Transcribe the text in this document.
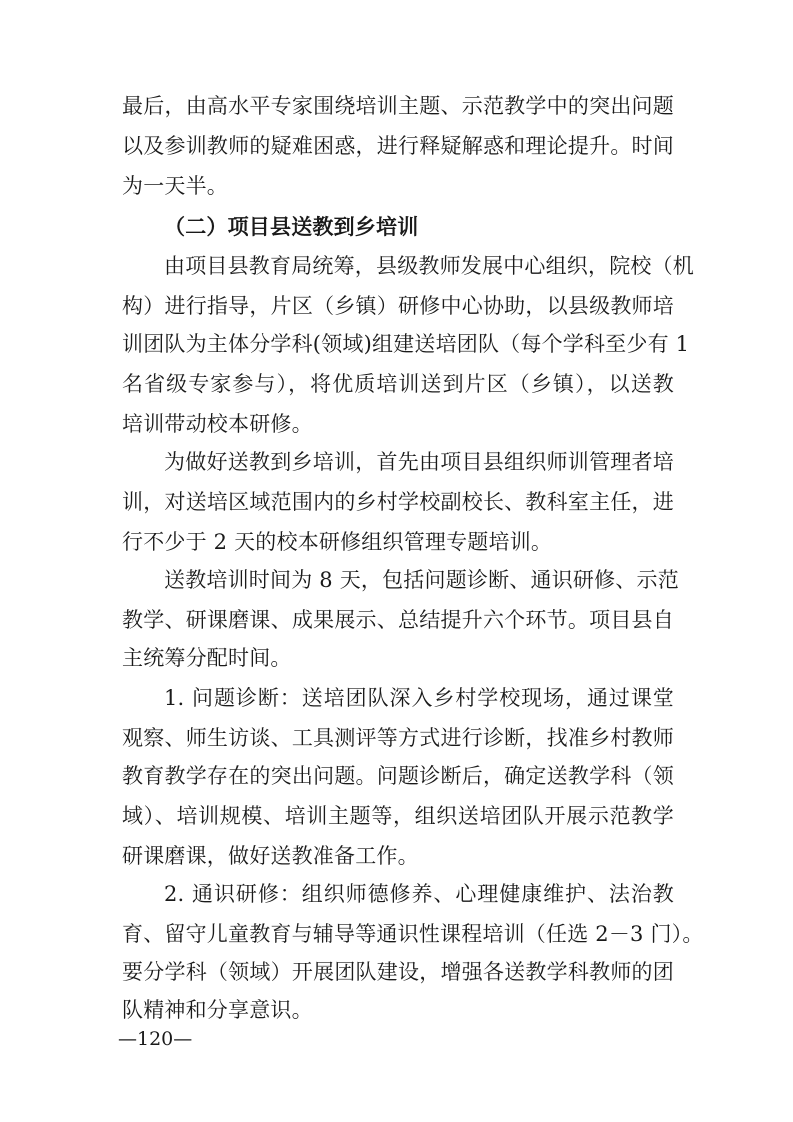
最后，由高水平专家围绕培训主题、示范教学中的突出问题
以及参训教师的疑难困惑，进行释疑解惑和理论提升。时间
为一天半。
（二）项目县送教到乡培训
由项目县教育局统筹，县级教师发展中心组织，院校（机
构）进行指导，片区（乡镇）研修中心协助，以县级教师培
训团队为主体分学科(领域)组建送培团队（每个学科至少有 1
名省级专家参与），将优质培训送到片区（乡镇），以送教
培训带动校本研修。
为做好送教到乡培训，首先由项目县组织师训管理者培
训，对送培区域范围内的乡村学校副校长、教科室主任，进
行不少于 2 天的校本研修组织管理专题培训。
送教培训时间为 8 天，包括问题诊断、通识研修、示范
教学、研课磨课、成果展示、总结提升六个环节。项目县自
主统筹分配时间。
1. 问题诊断：送培团队深入乡村学校现场，通过课堂
观察、师生访谈、工具测评等方式进行诊断，找准乡村教师
教育教学存在的突出问题。问题诊断后，确定送教学科（领
域）、培训规模、培训主题等，组织送培团队开展示范教学
研课磨课，做好送教准备工作。
2. 通识研修：组织师德修养、心理健康维护、法治教
育、留守儿童教育与辅导等通识性课程培训（任选 2－3 门）。
要分学科（领域）开展团队建设，增强各送教学科教师的团
队精神和分享意识。
—120—
